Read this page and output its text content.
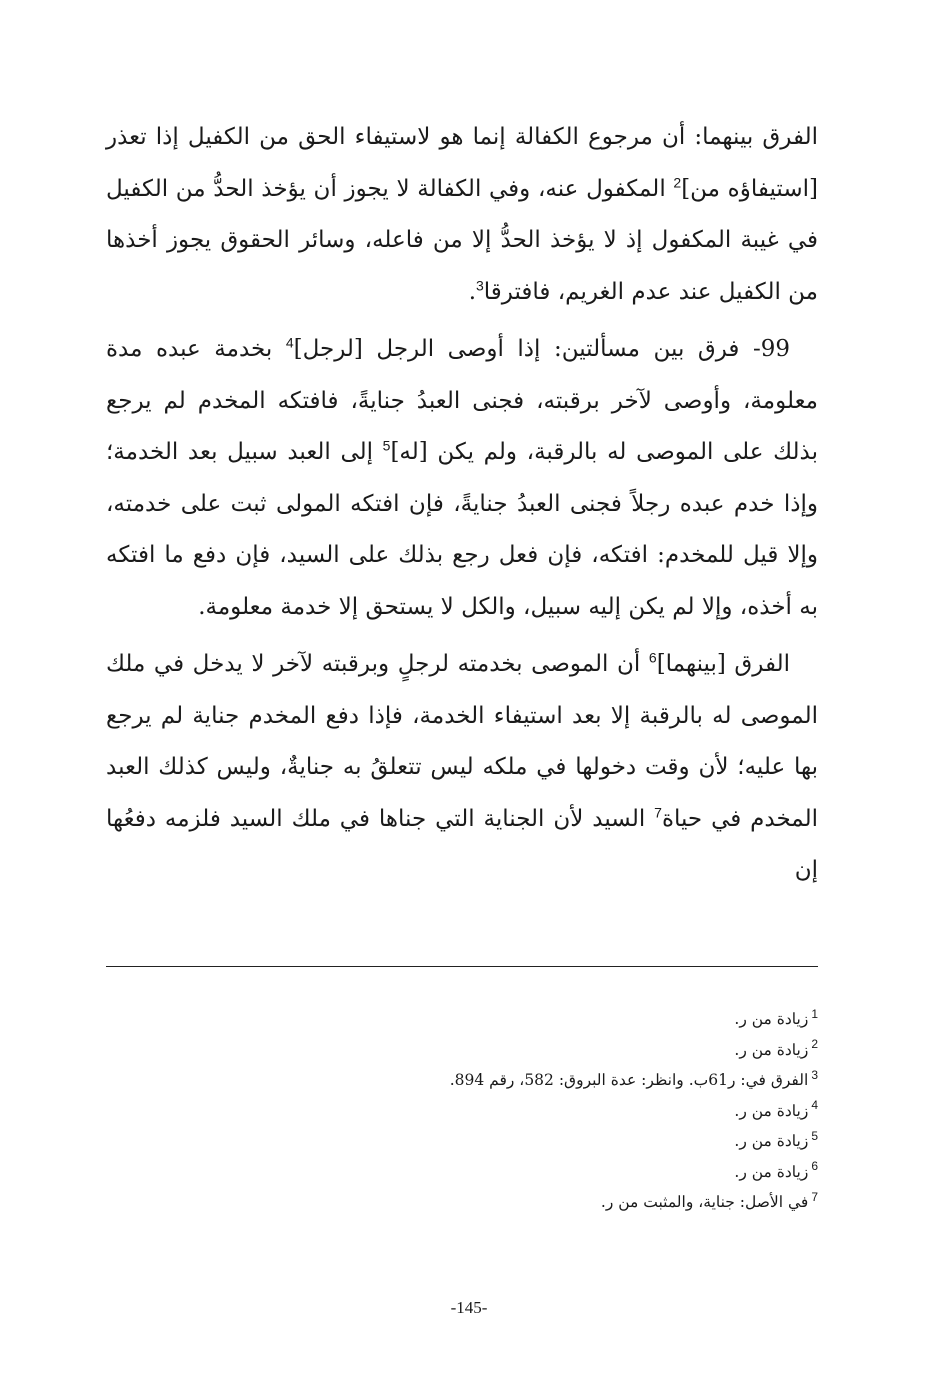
الفرق بينهما: أن مرجوع الكفالة إنما هو لاستيفاء الحق من الكفيل إذا تعذر [استيفاؤه من]$^2$ المكفول عنه، وفي الكفالة لا يجوز أن يؤخذ الحدُّ من الكفيل في غيبة المكفول إذ لا يؤخذ الحدُّ إلا من فاعله، وسائر الحقوق يجوز أخذها من الكفيل عند عدم الغريم، فافترقا$^3$.

99- فرق بين مسألتين: إذا أوصى الرجل [لرجل]$^4$ بخدمة عبده مدة معلومة، وأوصى لآخر برقبته، فجنى العبدُ جنايةً، فافتكه المخدم لم يرجع بذلك على الموصى له بالرقبة، ولم يكن [له]$^5$ إلى العبد سبيل بعد الخدمة؛ وإذا خدم عبده رجلاً فجنى العبدُ جنايةً، فإن افتكه المولى ثبت على خدمته، وإلا قيل للمخدم: افتكه، فإن فعل رجع بذلك على السيد، فإن دفع ما افتكه به أخذه، وإلا لم يكن إليه سبيل، والكل لا يستحق إلا خدمة معلومة.

الفرق [بينهما]$^6$ أن الموصى بخدمته لرجلٍ وبرقبته لآخر لا يدخل في ملك الموصى له بالرقبة إلا بعد استيفاء الخدمة، فإذا دفع المخدم جناية لم يرجع بها عليه؛ لأن وقت دخولها في ملكه ليس تتعلقُ به جنايةٌ، وليس كذلك العبد المخدم في حياة$^7$ السيد لأن الجناية التي جناها في ملك السيد فلزمه دفعُها إن

$^1$زيادة من ر.

$^2$زيادة من ر.

$^3$الفرق في: ر61ب. وانظر: عدة البروق: 582، رقم 894.

$^4$زيادة من ر.

$^5$زيادة من ر.

$^6$زيادة من ر.

$^7$في الأصل: جناية، والمثبت من ر.

-145-
